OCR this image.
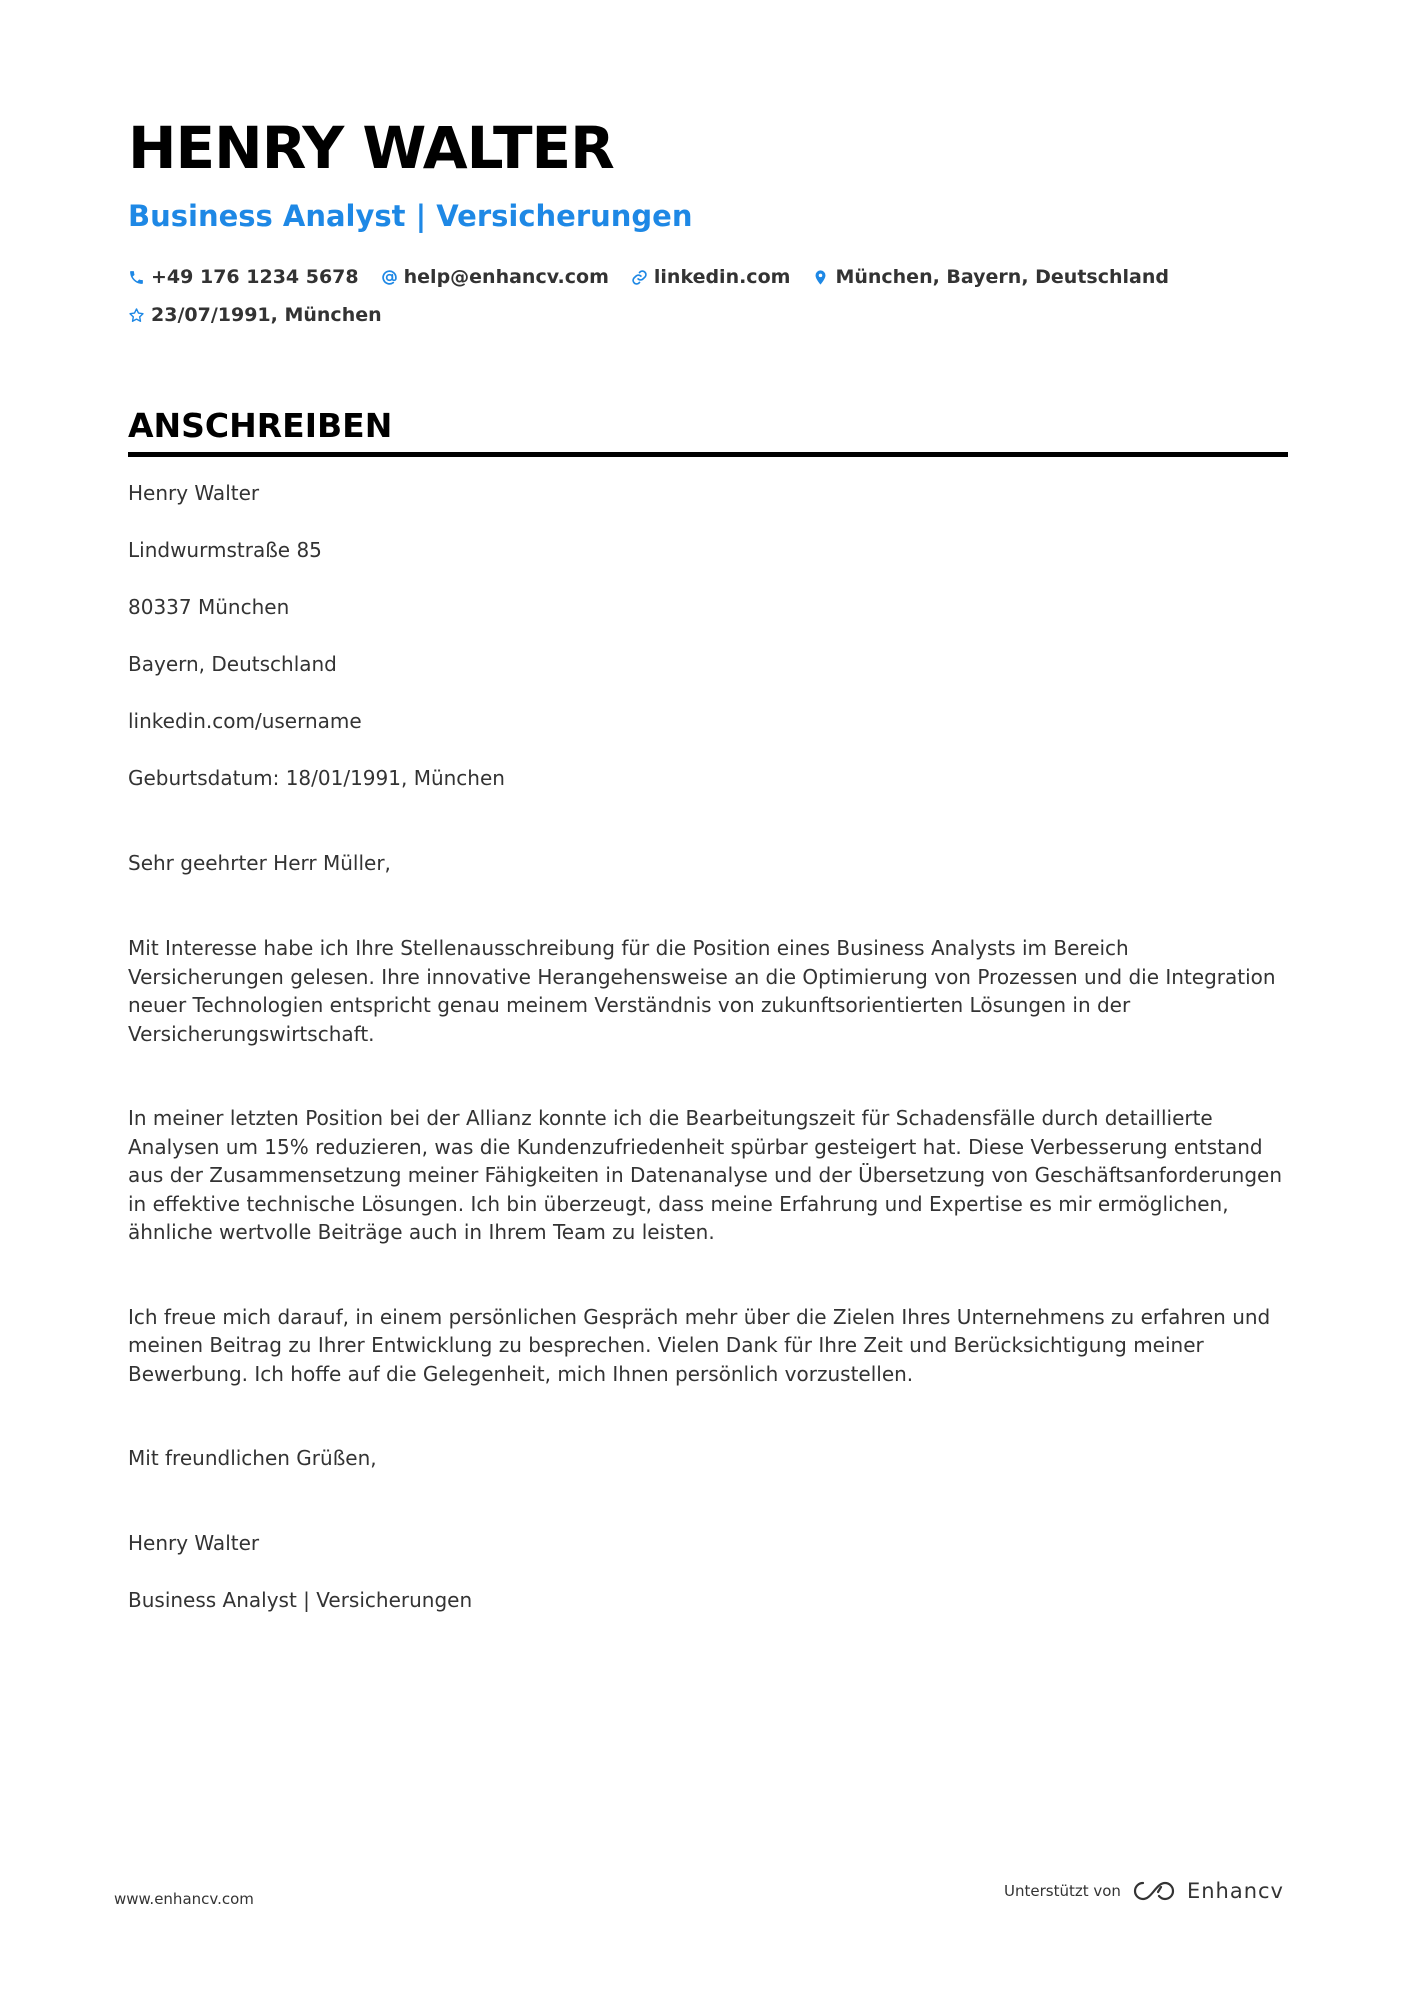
HENRY WALTER
Business Analyst | Versicherungen
+49 176 1234 5678 help@enhancv.com linkedin.com München, Bayern, Deutschland
23/07/1991, München
ANSCHREIBEN

Henry Walter

Lindwurmstraße 85

80337 München

Bayern, Deutschland

linkedin.com/username

Geburtsdatum: 18/01/1991, München

Sehr geehrter Herr Müller,

Mit Interesse habe ich Ihre Stellenausschreibung für die Position eines Business Analysts im Bereich Versicherungen gelesen. Ihre innovative Herangehensweise an die Optimierung von Prozessen und die Integration neuer Technologien entspricht genau meinem Verständnis von zukunftsorientierten Lösungen in der Versicherungswirtschaft.

In meiner letzten Position bei der Allianz konnte ich die Bearbeitungszeit für Schadensfälle durch detaillierte Analysen um 15% reduzieren, was die Kundenzufriedenheit spürbar gesteigert hat. Diese Verbesserung entstand aus der Zusammensetzung meiner Fähigkeiten in Datenanalyse und der Übersetzung von Geschäftsanforderungen in effektive technische Lösungen. Ich bin überzeugt, dass meine Erfahrung und Expertise es mir ermöglichen, ähnliche wertvolle Beiträge auch in Ihrem Team zu leisten.

Ich freue mich darauf, in einem persönlichen Gespräch mehr über die Zielen Ihres Unternehmens zu erfahren und meinen Beitrag zu Ihrer Entwicklung zu besprechen. Vielen Dank für Ihre Zeit und Berücksichtigung meiner Bewerbung. Ich hoffe auf die Gelegenheit, mich Ihnen persönlich vorzustellen.

Mit freundlichen Grüßen,

Henry Walter

Business Analyst | Versicherungen

www.enhancv.com	Unterstützt von	Enhancv
